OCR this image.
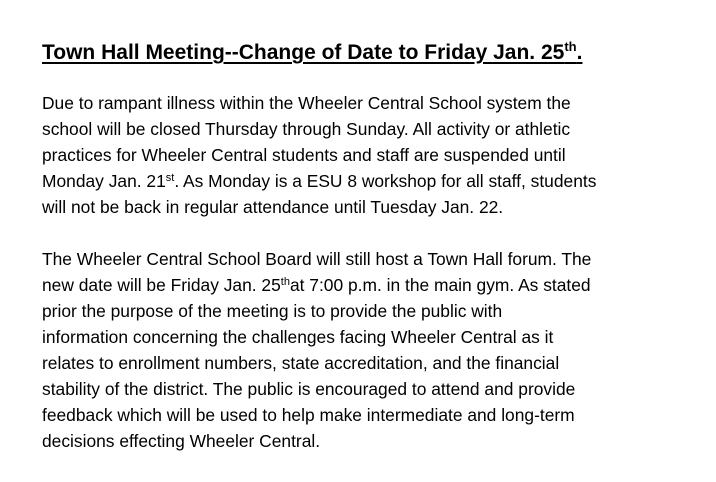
Town Hall Meeting--Change of Date to Friday Jan. 25th.

Due to rampant illness within the Wheeler Central School system the
school will be closed Thursday through Sunday. All activity or athletic
practices for Wheeler Central students and staff are suspended until
Monday Jan. 21st. As Monday is a ESU 8 workshop for all staff, students
will not be back in regular attendance until Tuesday Jan. 22.

The Wheeler Central School Board will still host a Town Hall forum. The
new date will be Friday Jan. 25that 7:00 p.m. in the main gym. As stated
prior the purpose of the meeting is to provide the public with
information concerning the challenges facing Wheeler Central as it
relates to enrollment numbers, state accreditation, and the financial
stability of the district. The public is encouraged to attend and provide
feedback which will be used to help make intermediate and long-term
decisions effecting Wheeler Central.
